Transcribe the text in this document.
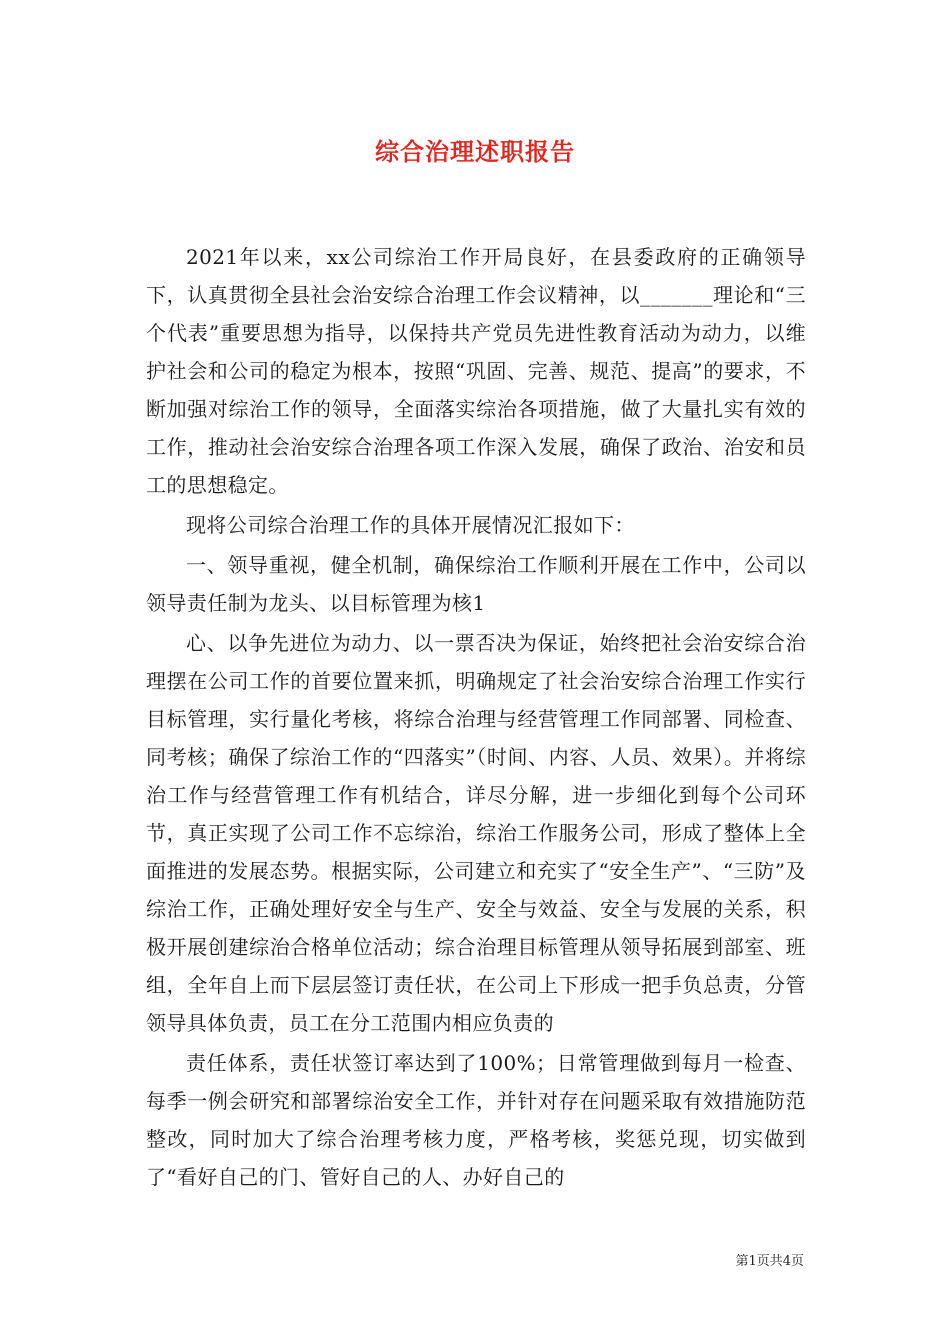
综合治理述职报告

2021年以来，xx公司综治工作开局良好，在县委政府的正确领导下，认真贯彻全县社会治安综合治理工作会议精神，以_______理论和“三个代表”重要思想为指导，以保持共产党员先进性教育活动为动力，以维护社会和公司的稳定为根本，按照“巩固、完善、规范、提高”的要求，不断加强对综治工作的领导，全面落实综治各项措施，做了大量扎实有效的工作，推动社会治安综合治理各项工作深入发展，确保了政治、治安和员工的思想稳定。

现将公司综合治理工作的具体开展情况汇报如下：

一、领导重视，健全机制，确保综治工作顺利开展在工作中，公司以领导责任制为龙头、以目标管理为核1

心、以争先进位为动力、以一票否决为保证，始终把社会治安综合治理摆在公司工作的首要位置来抓，明确规定了社会治安综合治理工作实行目标管理，实行量化考核，将综合治理与经营管理工作同部署、同检查、同考核；确保了综治工作的“四落实”（时间、内容、人员、效果）。并将综治工作与经营管理工作有机结合，详尽分解，进一步细化到每个公司环节，真正实现了公司工作不忘综治，综治工作服务公司，形成了整体上全面推进的发展态势。根据实际，公司建立和充实了“安全生产”、“三防”及综治工作，正确处理好安全与生产、安全与效益、安全与发展的关系，积极开展创建综治合格单位活动；综合治理目标管理从领导拓展到部室、班组，全年自上而下层层签订责任状，在公司上下形成一把手负总责，分管领导具体负责，员工在分工范围内相应负责的

责任体系，责任状签订率达到了100%；日常管理做到每月一检查、每季一例会研究和部署综治安全工作，并针对存在问题采取有效措施防范整改，同时加大了综合治理考核力度，严格考核，奖惩兑现，切实做到了“看好自己的门、管好自己的人、办好自己的

第1页共4页
